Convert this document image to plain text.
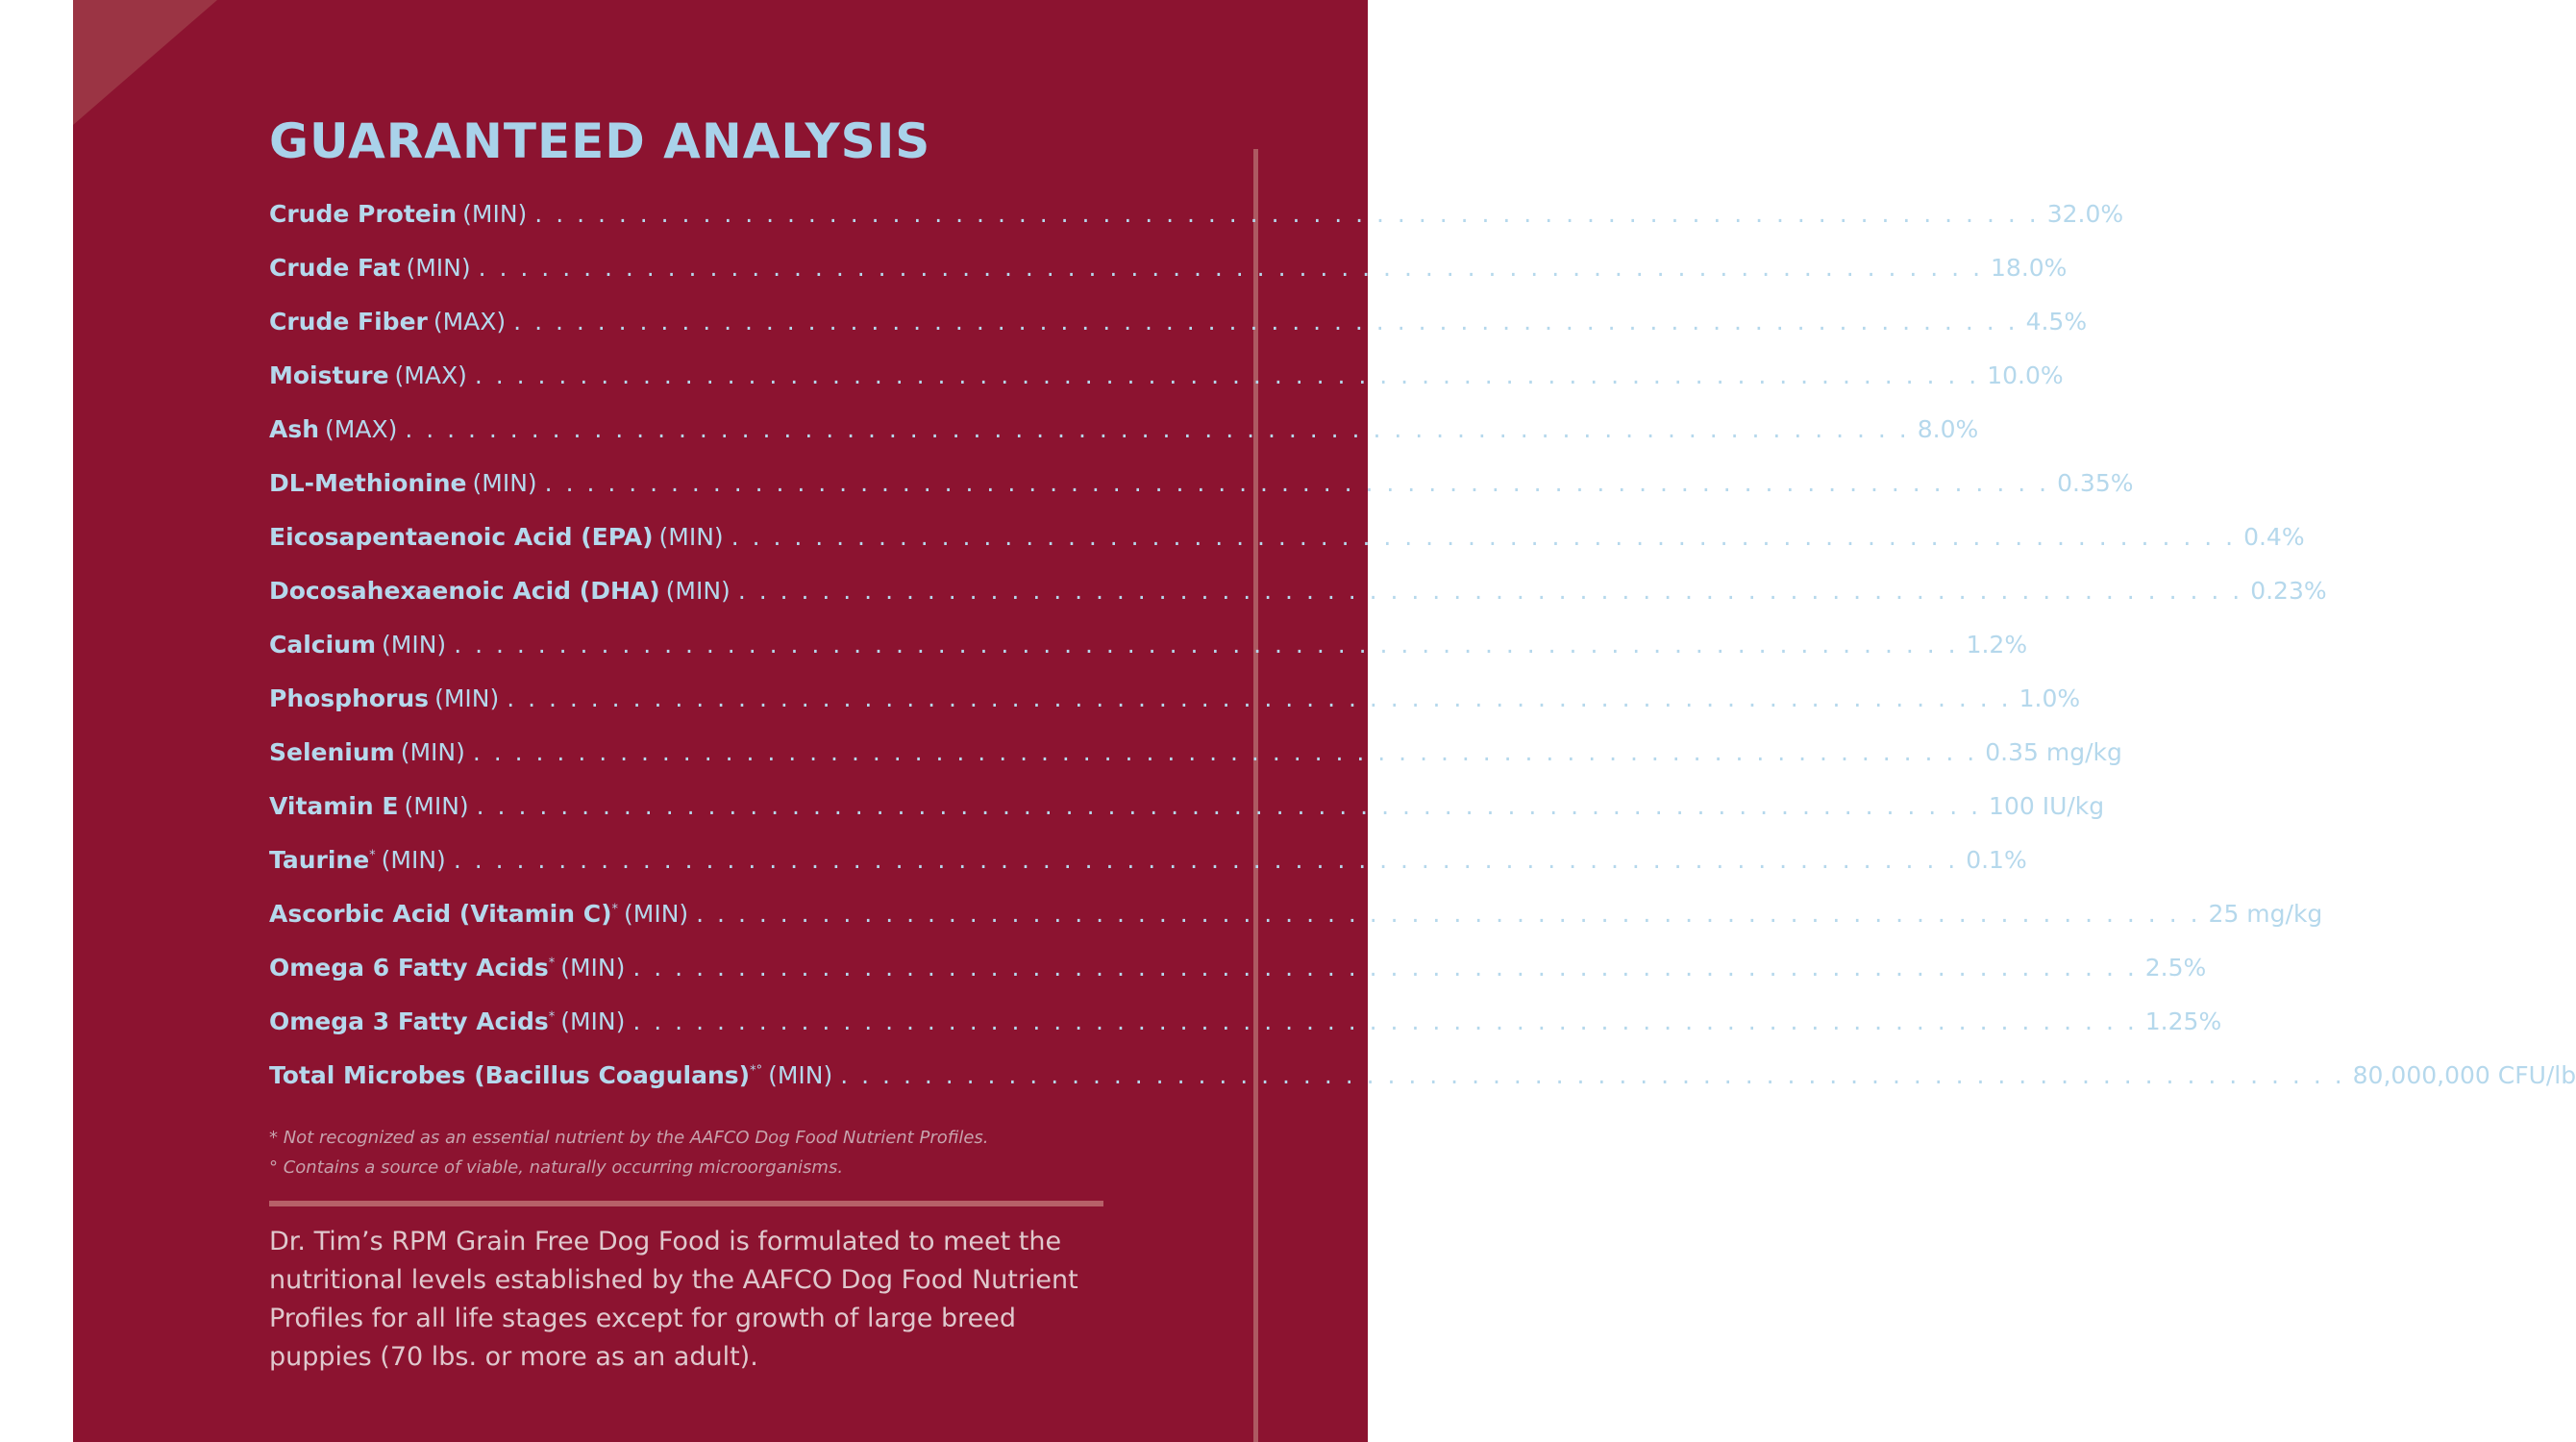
GUARANTEED ANALYSIS
Crude Protein (MIN) . . . . . . . . . . . . . . . . . . . . . . . . . . . . . . . . . . . . . . . . . . . . . . . . . . . . . . . . . . . . . . . . . . . . . . . . 32.0%
Crude Fat (MIN) . . . . . . . . . . . . . . . . . . . . . . . . . . . . . . . . . . . . . . . . . . . . . . . . . . . . . . . . . . . . . . . . . . . . . . . . 18.0%
Crude Fiber (MAX) . . . . . . . . . . . . . . . . . . . . . . . . . . . . . . . . . . . . . . . . . . . . . . . . . . . . . . . . . . . . . . . . . . . . . . . . 4.5%
Moisture (MAX) . . . . . . . . . . . . . . . . . . . . . . . . . . . . . . . . . . . . . . . . . . . . . . . . . . . . . . . . . . . . . . . . . . . . . . . . 10.0%
Ash (MAX) . . . . . . . . . . . . . . . . . . . . . . . . . . . . . . . . . . . . . . . . . . . . . . . . . . . . . . . . . . . . . . . . . . . . . . . . 8.0%
DL-Methionine (MIN) . . . . . . . . . . . . . . . . . . . . . . . . . . . . . . . . . . . . . . . . . . . . . . . . . . . . . . . . . . . . . . . . . . . . . . . . 0.35%
Eicosapentaenoic Acid (EPA) (MIN) . . . . . . . . . . . . . . . . . . . . . . . . . . . . . . . . . . . . . . . . . . . . . . . . . . . . . . . . . . . . . . . . . . . . . . . . 0.4%
Docosahexaenoic Acid (DHA) (MIN) . . . . . . . . . . . . . . . . . . . . . . . . . . . . . . . . . . . . . . . . . . . . . . . . . . . . . . . . . . . . . . . . . . . . . . . . 0.23%
Calcium (MIN) . . . . . . . . . . . . . . . . . . . . . . . . . . . . . . . . . . . . . . . . . . . . . . . . . . . . . . . . . . . . . . . . . . . . . . . . 1.2%
Phosphorus (MIN) . . . . . . . . . . . . . . . . . . . . . . . . . . . . . . . . . . . . . . . . . . . . . . . . . . . . . . . . . . . . . . . . . . . . . . . . 1.0%
Selenium (MIN) . . . . . . . . . . . . . . . . . . . . . . . . . . . . . . . . . . . . . . . . . . . . . . . . . . . . . . . . . . . . . . . . . . . . . . . . 0.35 mg/kg
Vitamin E (MIN) . . . . . . . . . . . . . . . . . . . . . . . . . . . . . . . . . . . . . . . . . . . . . . . . . . . . . . . . . . . . . . . . . . . . . . . . 100 IU/kg
Taurine* (MIN) . . . . . . . . . . . . . . . . . . . . . . . . . . . . . . . . . . . . . . . . . . . . . . . . . . . . . . . . . . . . . . . . . . . . . . . . 0.1%
Ascorbic Acid (Vitamin C)* (MIN) . . . . . . . . . . . . . . . . . . . . . . . . . . . . . . . . . . . . . . . . . . . . . . . . . . . . . . . . . . . . . . . . . . . . . . . . 25 mg/kg
Omega 6 Fatty Acids* (MIN) . . . . . . . . . . . . . . . . . . . . . . . . . . . . . . . . . . . . . . . . . . . . . . . . . . . . . . . . . . . . . . . . . . . . . . . . 2.5%
Omega 3 Fatty Acids* (MIN) . . . . . . . . . . . . . . . . . . . . . . . . . . . . . . . . . . . . . . . . . . . . . . . . . . . . . . . . . . . . . . . . . . . . . . . . 1.25%
Total Microbes (Bacillus Coagulans)*° (MIN) . . . . . . . . . . . . . . . . . . . . . . . . . . . . . . . . . . . . . . . . . . . . . . . . . . . . . . . . . . . . . . . . . . . . . . . . 80,000,000 CFU/lb
* Not recognized as an essential nutrient by the AAFCO Dog Food Nutrient Profiles.
° Contains a source of viable, naturally occurring microorganisms.

Dr. Tim’s RPM Grain Free Dog Food is formulated to meet the nutritional levels established by the AAFCO Dog Food Nutrient Profiles for all life stages except for growth of large breed puppies (70 lbs. or more as an adult).
